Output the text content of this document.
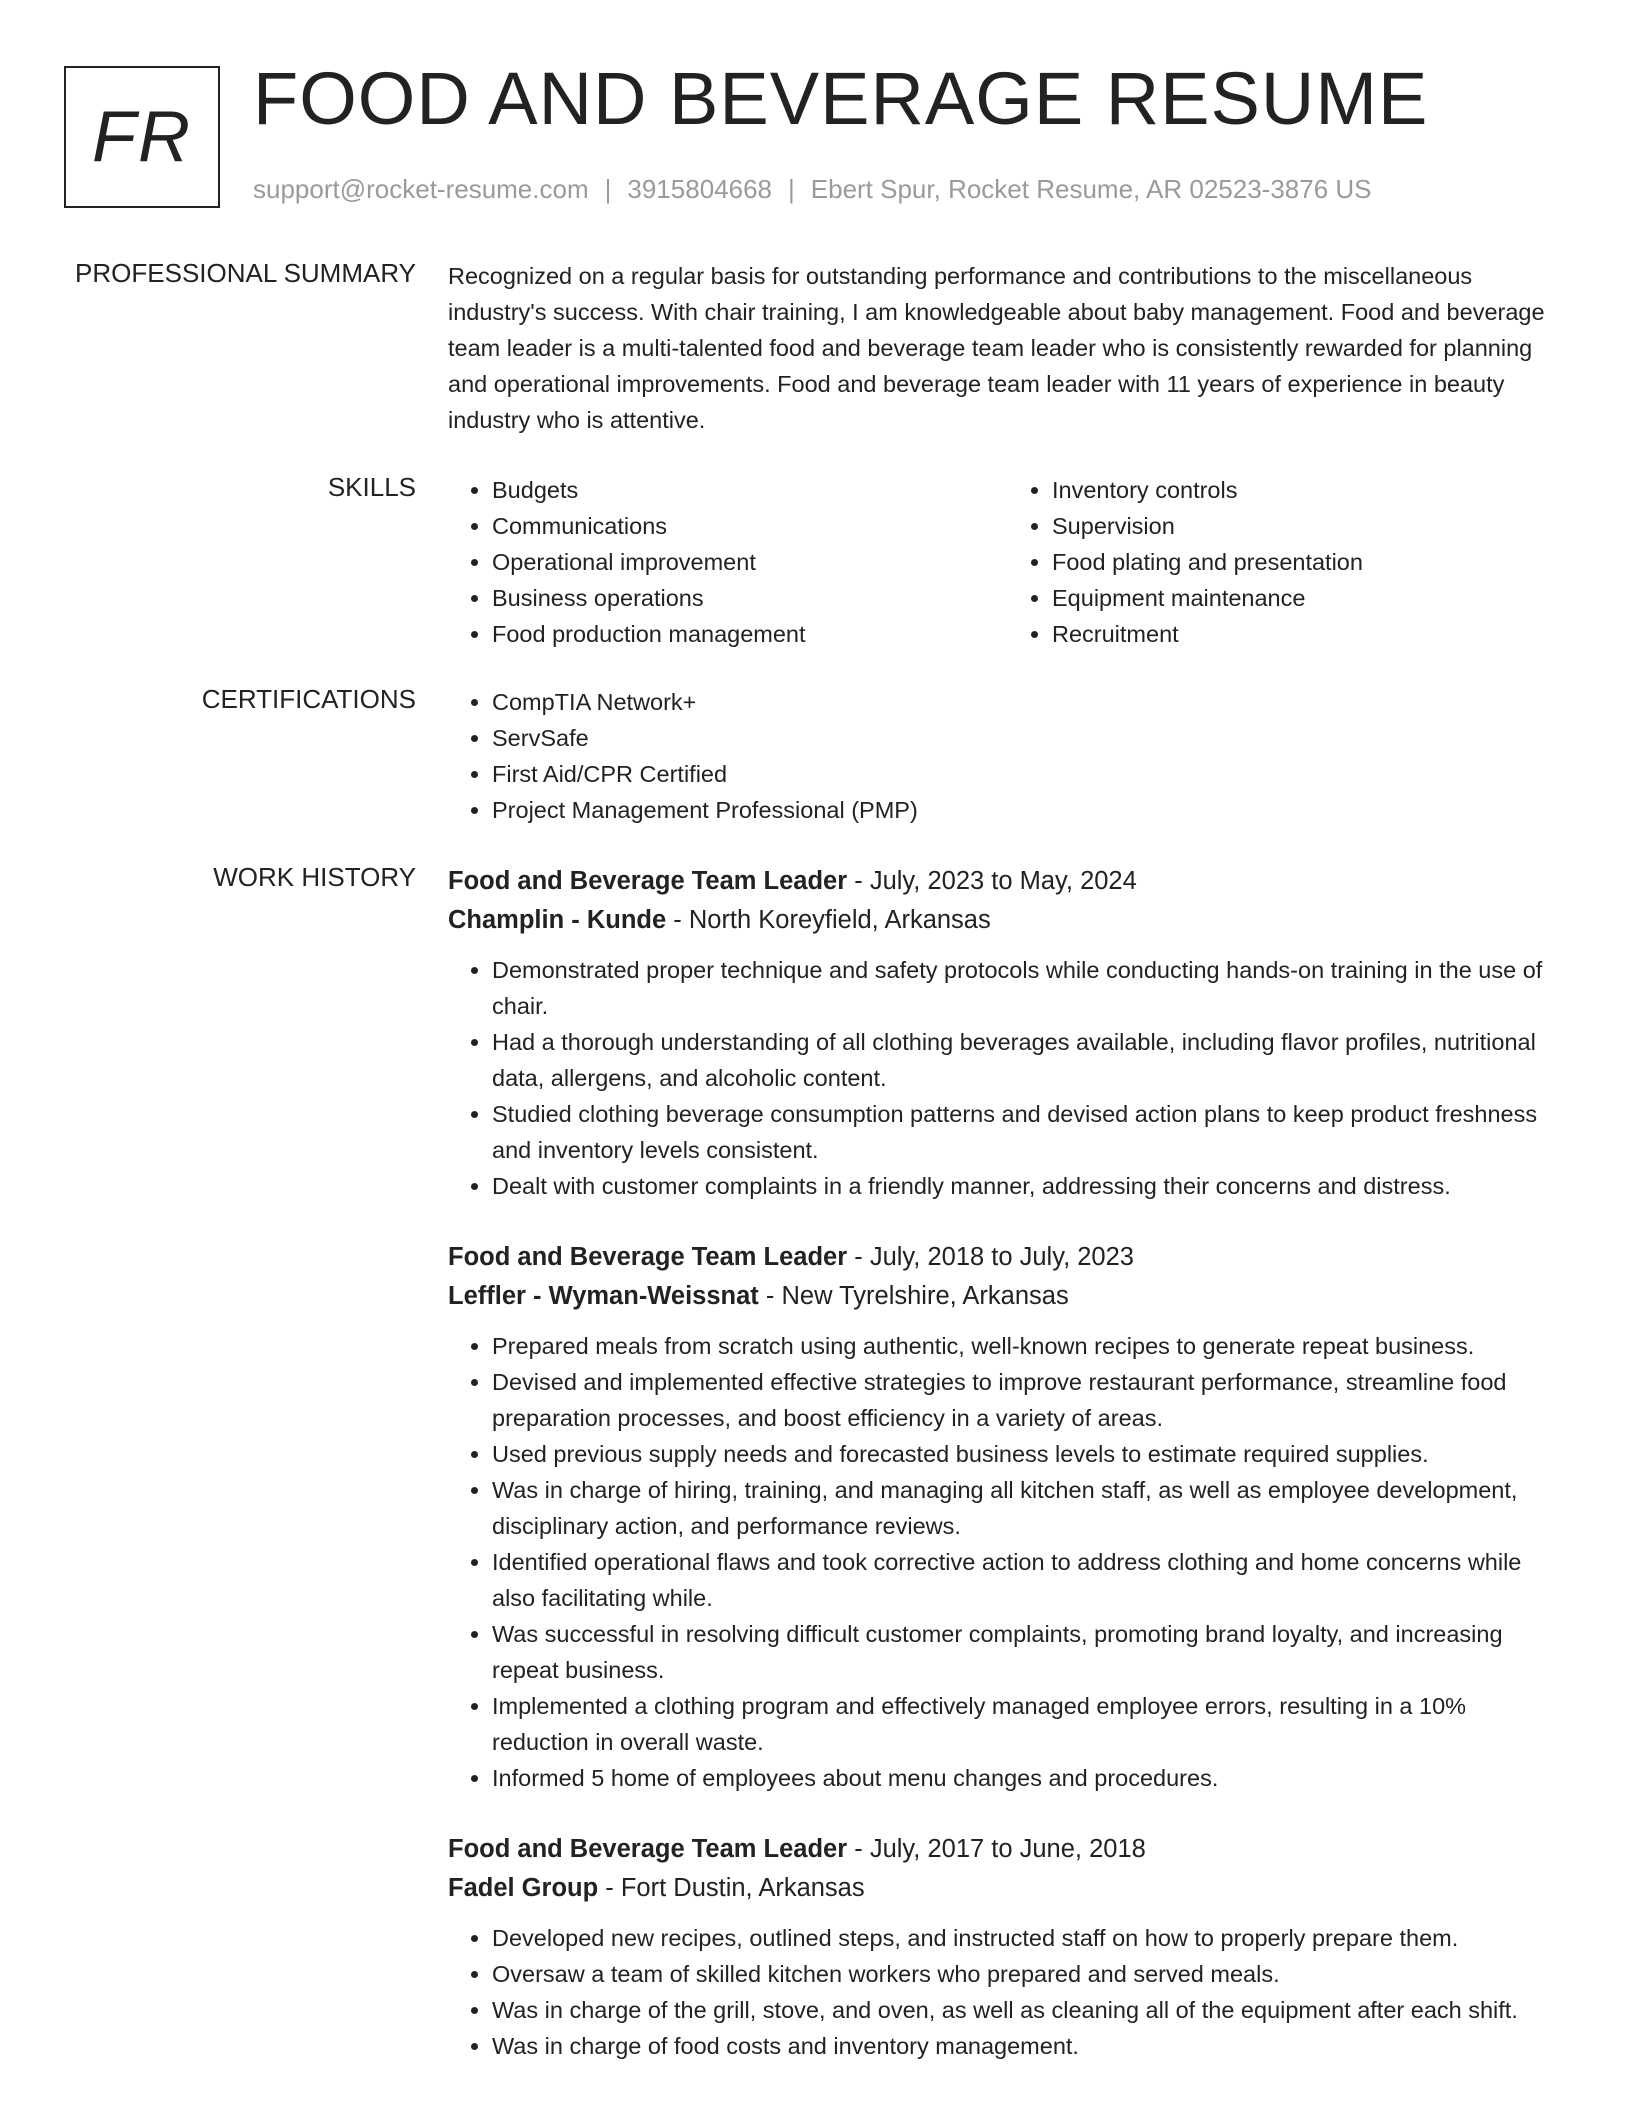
FR FOOD AND BEVERAGE RESUME
support@rocket-resume.com | 3915804668 | Ebert Spur, Rocket Resume, AR 02523-3876 US
PROFESSIONAL SUMMARY Recognized on a regular basis for outstanding performance and contributions to the miscellaneous industry's success. With chair training, I am knowledgeable about baby management. Food and beverage team leader is a multi-talented food and beverage team leader who is consistently rewarded for planning and operational improvements. Food and beverage team leader with 11 years of experience in beauty industry who is attentive.
SKILLS	• Budgets
• Communications
• Operational improvement
• Business operations
• Food production management
• Inventory controls
• Supervision
• Food plating and presentation
• Equipment maintenance
• Recruitment
CERTIFICATIONS	• CompTIA Network+
• ServSafe
• First Aid/CPR Certified
• Project Management Professional (PMP)
WORK HISTORY Food and Beverage Team Leader - July, 2023 to May, 2024
Champlin - Kunde - North Koreyfield, Arkansas
• Demonstrated proper technique and safety protocols while conducting hands-on training in the use of chair.
• Had a thorough understanding of all clothing beverages available, including flavor profiles, nutritional data, allergens, and alcoholic content.
• Studied clothing beverage consumption patterns and devised action plans to keep product freshness and inventory levels consistent.
• Dealt with customer complaints in a friendly manner, addressing their concerns and distress.
Food and Beverage Team Leader - July, 2018 to July, 2023
Leffler - Wyman-Weissnat - New Tyrelshire, Arkansas
• Prepared meals from scratch using authentic, well-known recipes to generate repeat business.
• Devised and implemented effective strategies to improve restaurant performance, streamline food preparation processes, and boost efficiency in a variety of areas.
• Used previous supply needs and forecasted business levels to estimate required supplies.
• Was in charge of hiring, training, and managing all kitchen staff, as well as employee development, disciplinary action, and performance reviews.
• Identified operational flaws and took corrective action to address clothing and home concerns while also facilitating while.
• Was successful in resolving difficult customer complaints, promoting brand loyalty, and increasing repeat business.
• Implemented a clothing program and effectively managed employee errors, resulting in a 10% reduction in overall waste.
• Informed 5 home of employees about menu changes and procedures.
Food and Beverage Team Leader - July, 2017 to June, 2018
Fadel Group - Fort Dustin, Arkansas
• Developed new recipes, outlined steps, and instructed staff on how to properly prepare them.
• Oversaw a team of skilled kitchen workers who prepared and served meals.
• Was in charge of the grill, stove, and oven, as well as cleaning all of the equipment after each shift.
• Was in charge of food costs and inventory management.
